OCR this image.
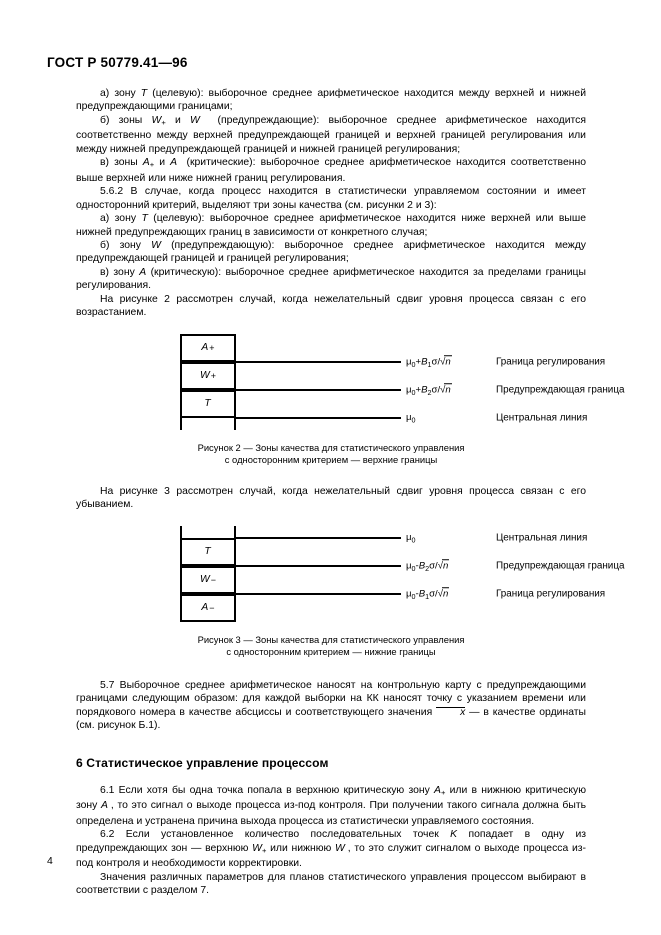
ГОСТ Р 50779.41—96

а) зону T (целевую): выборочное среднее арифметическое находится между верхней и нижней предупреждающими границами;

б) зоны $W_+$ и W  (предупреждающие): выборочное среднее арифметическое находится соответственно между верхней предупреждающей границей и верхней границей регулирования или между нижней предупреждающей границей и нижней границей регулирования;

в) зоны $A_+$ и A  (критические): выборочное среднее арифметическое находится соответственно выше верхней или ниже нижней границ регулирования.

5.6.2 В случае, когда процесс находится в статистически управляемом состоянии и имеет односторонний критерий, выделяют три зоны качества (см. рисунки 2 и 3):

а) зону T (целевую): выборочное среднее арифметическое находится ниже верхней или выше нижней предупреждающих границ в зависимости от конкретного случая;

б) зону W (предупреждающую): выборочное среднее арифметическое находится между предупреждающей границей и границей регулирования;

в) зону A (критическую): выборочное среднее арифметическое находится за пределами границы регулирования.

На рисунке 2 рассмотрен случай, когда нежелательный сдвиг уровня процесса связан с его возрастанием.

A +
W +
T
$\mu_0+B_1\sigma/√n$
$\mu_0+B_2\sigma/√n$
$\mu_0$
Граница регулирования
Предупреждающая граница
Центральная линия
Рисунок 2 — Зоны качества для статистического управления
с односторонним критерием — верхние границы

На рисунке 3 рассмотрен случай, когда нежелательный сдвиг уровня процесса связан с его убыванием.

T
W −
A −
$\mu_0$
$\mu_0-B_2\sigma/√n$
$\mu_0-B_1\sigma/√n$
Центральная линия
Предупреждающая граница
Граница регулирования
Рисунок 3 — Зоны качества для статистического управления
с односторонним критерием — нижние границы

5.7 Выборочное среднее арифметическое наносят на контрольную карту с предупреждающими границами следующим образом: для каждой выборки на КК наносят точку с указанием времени или порядкового номера в качестве абсциссы и соответствующего значения x — в качестве ординаты (см. рисунок Б.1).

6 Статистическое управление процессом

6.1 Если хотя бы одна точка попала в верхнюю критическую зону $A_+$ или в нижнюю критическую зону A , то это сигнал о выходе процесса из-под контроля. При получении такого сигнала должна быть определена и устранена причина выхода процесса из статистически управляемого состояния.

6.2 Если установленное количество последовательных точек K попадает в одну из предупреждающих зон — верхнюю $W_+$ или нижнюю W , то это служит сигналом о выходе процесса из-под контроля и необходимости корректировки.

Значения различных параметров для планов статистического управления процессом выбирают в соответствии с разделом 7.

4
